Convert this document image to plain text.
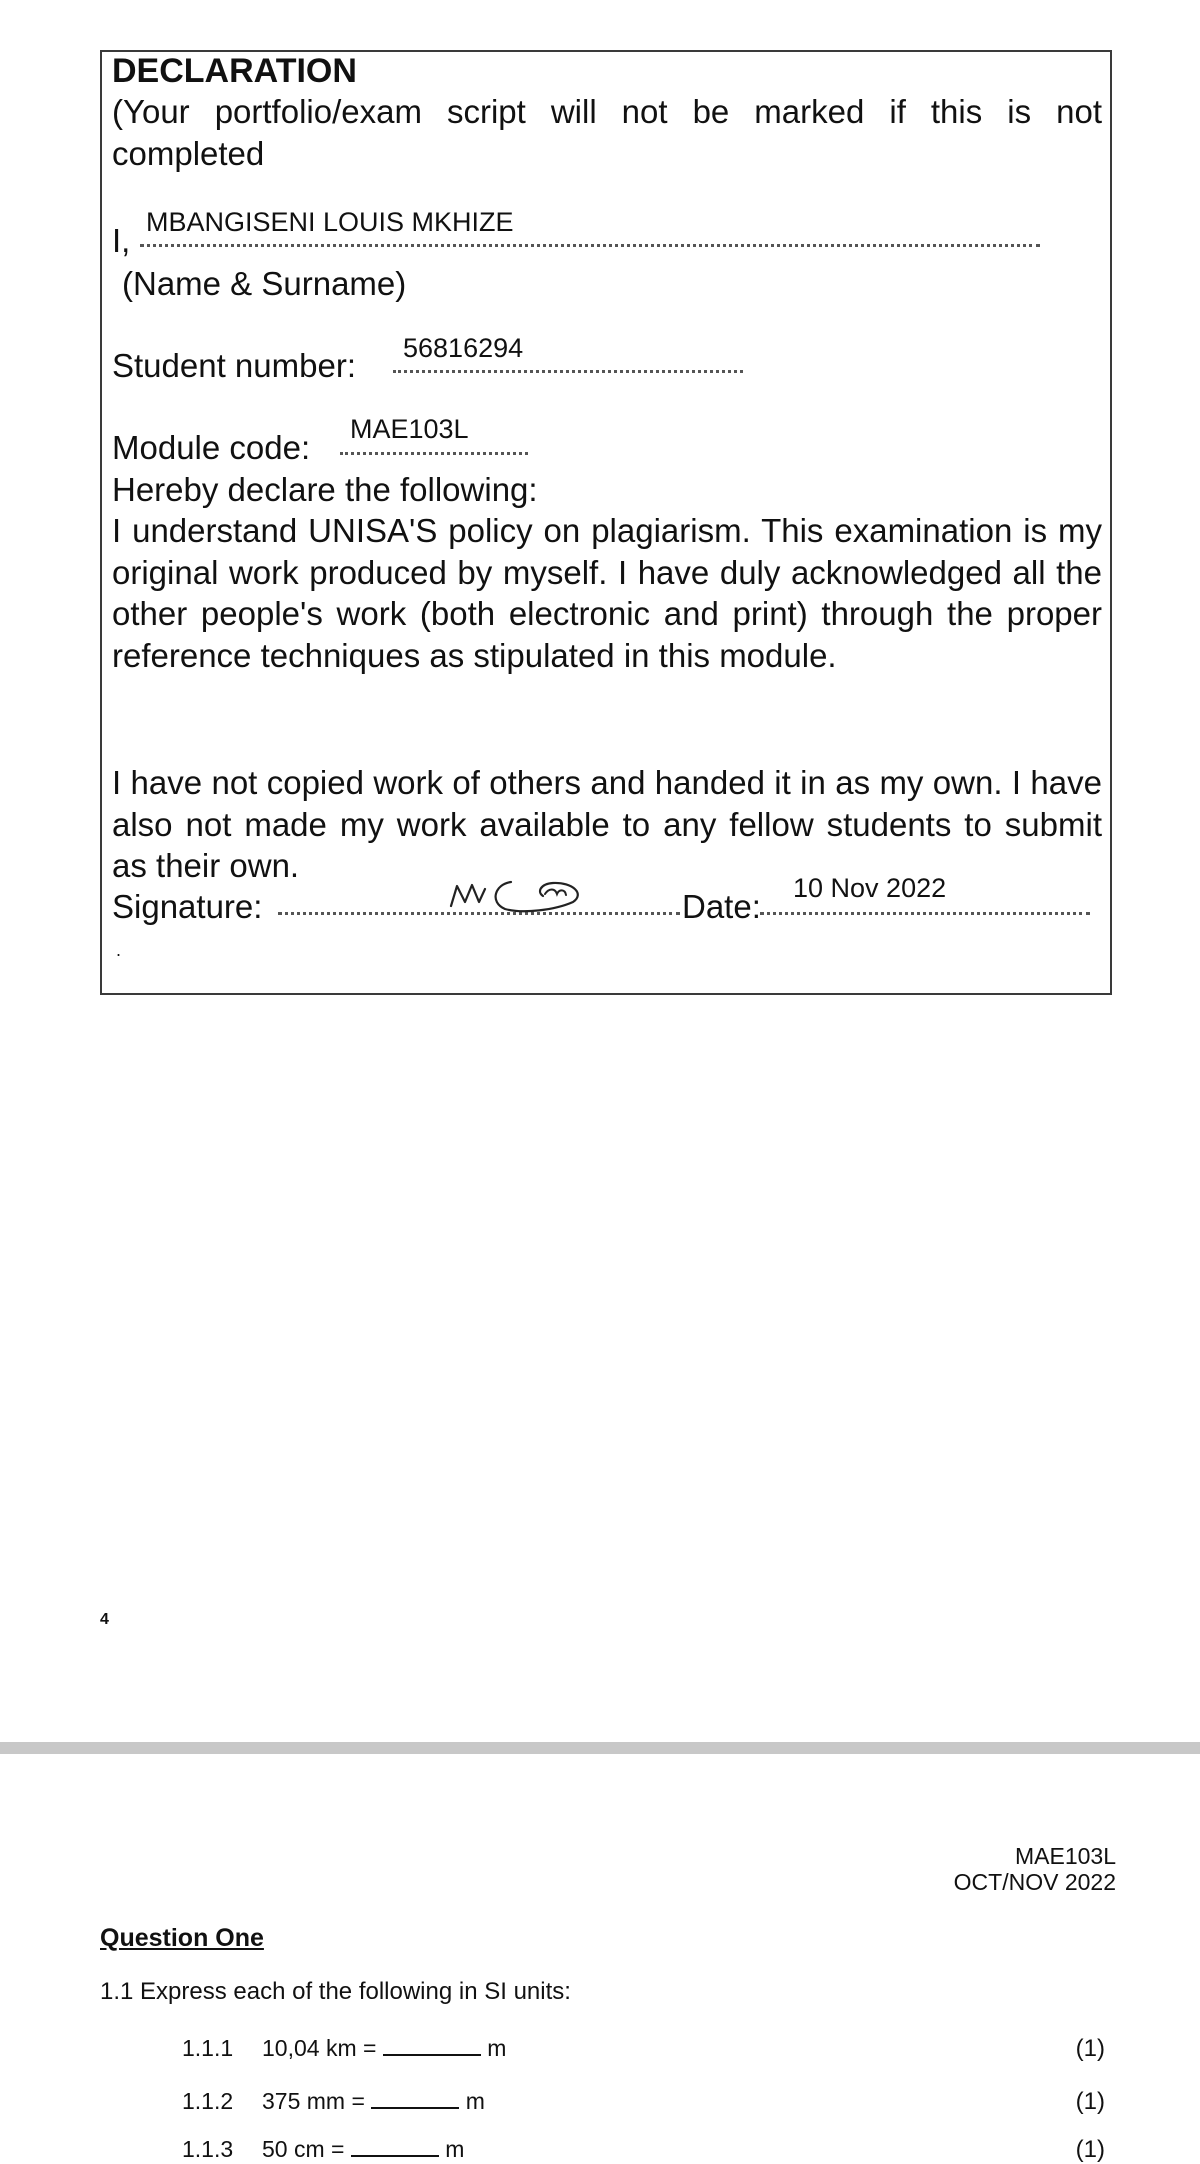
DECLARATION
(Your portfolio/exam script will not be marked if this is not completed
I, MBANGISENI LOUIS MKHIZE
(Name & Surname)
Student number: 56816294
Module code: MAE103L
Hereby declare the following:
I understand UNISA'S policy on plagiarism. This examination is my original work produced by myself. I have duly acknowledged all the other people's work (both electronic and print) through the proper reference techniques as stipulated in this module.
I have not copied work of others and handed it in as my own. I have also not made my work available to any fellow students to submit as their own.
Signature:	Date: 10 Nov 2022
.
4
MAE103L
OCT/NOV 2022
Question One
1.1 Express each of the following in SI units:
1.1.1 10,04 km =	m	(1)
1.1.2 375 mm =	m	(1)
1.1.3 50 cm =	m	(1)
